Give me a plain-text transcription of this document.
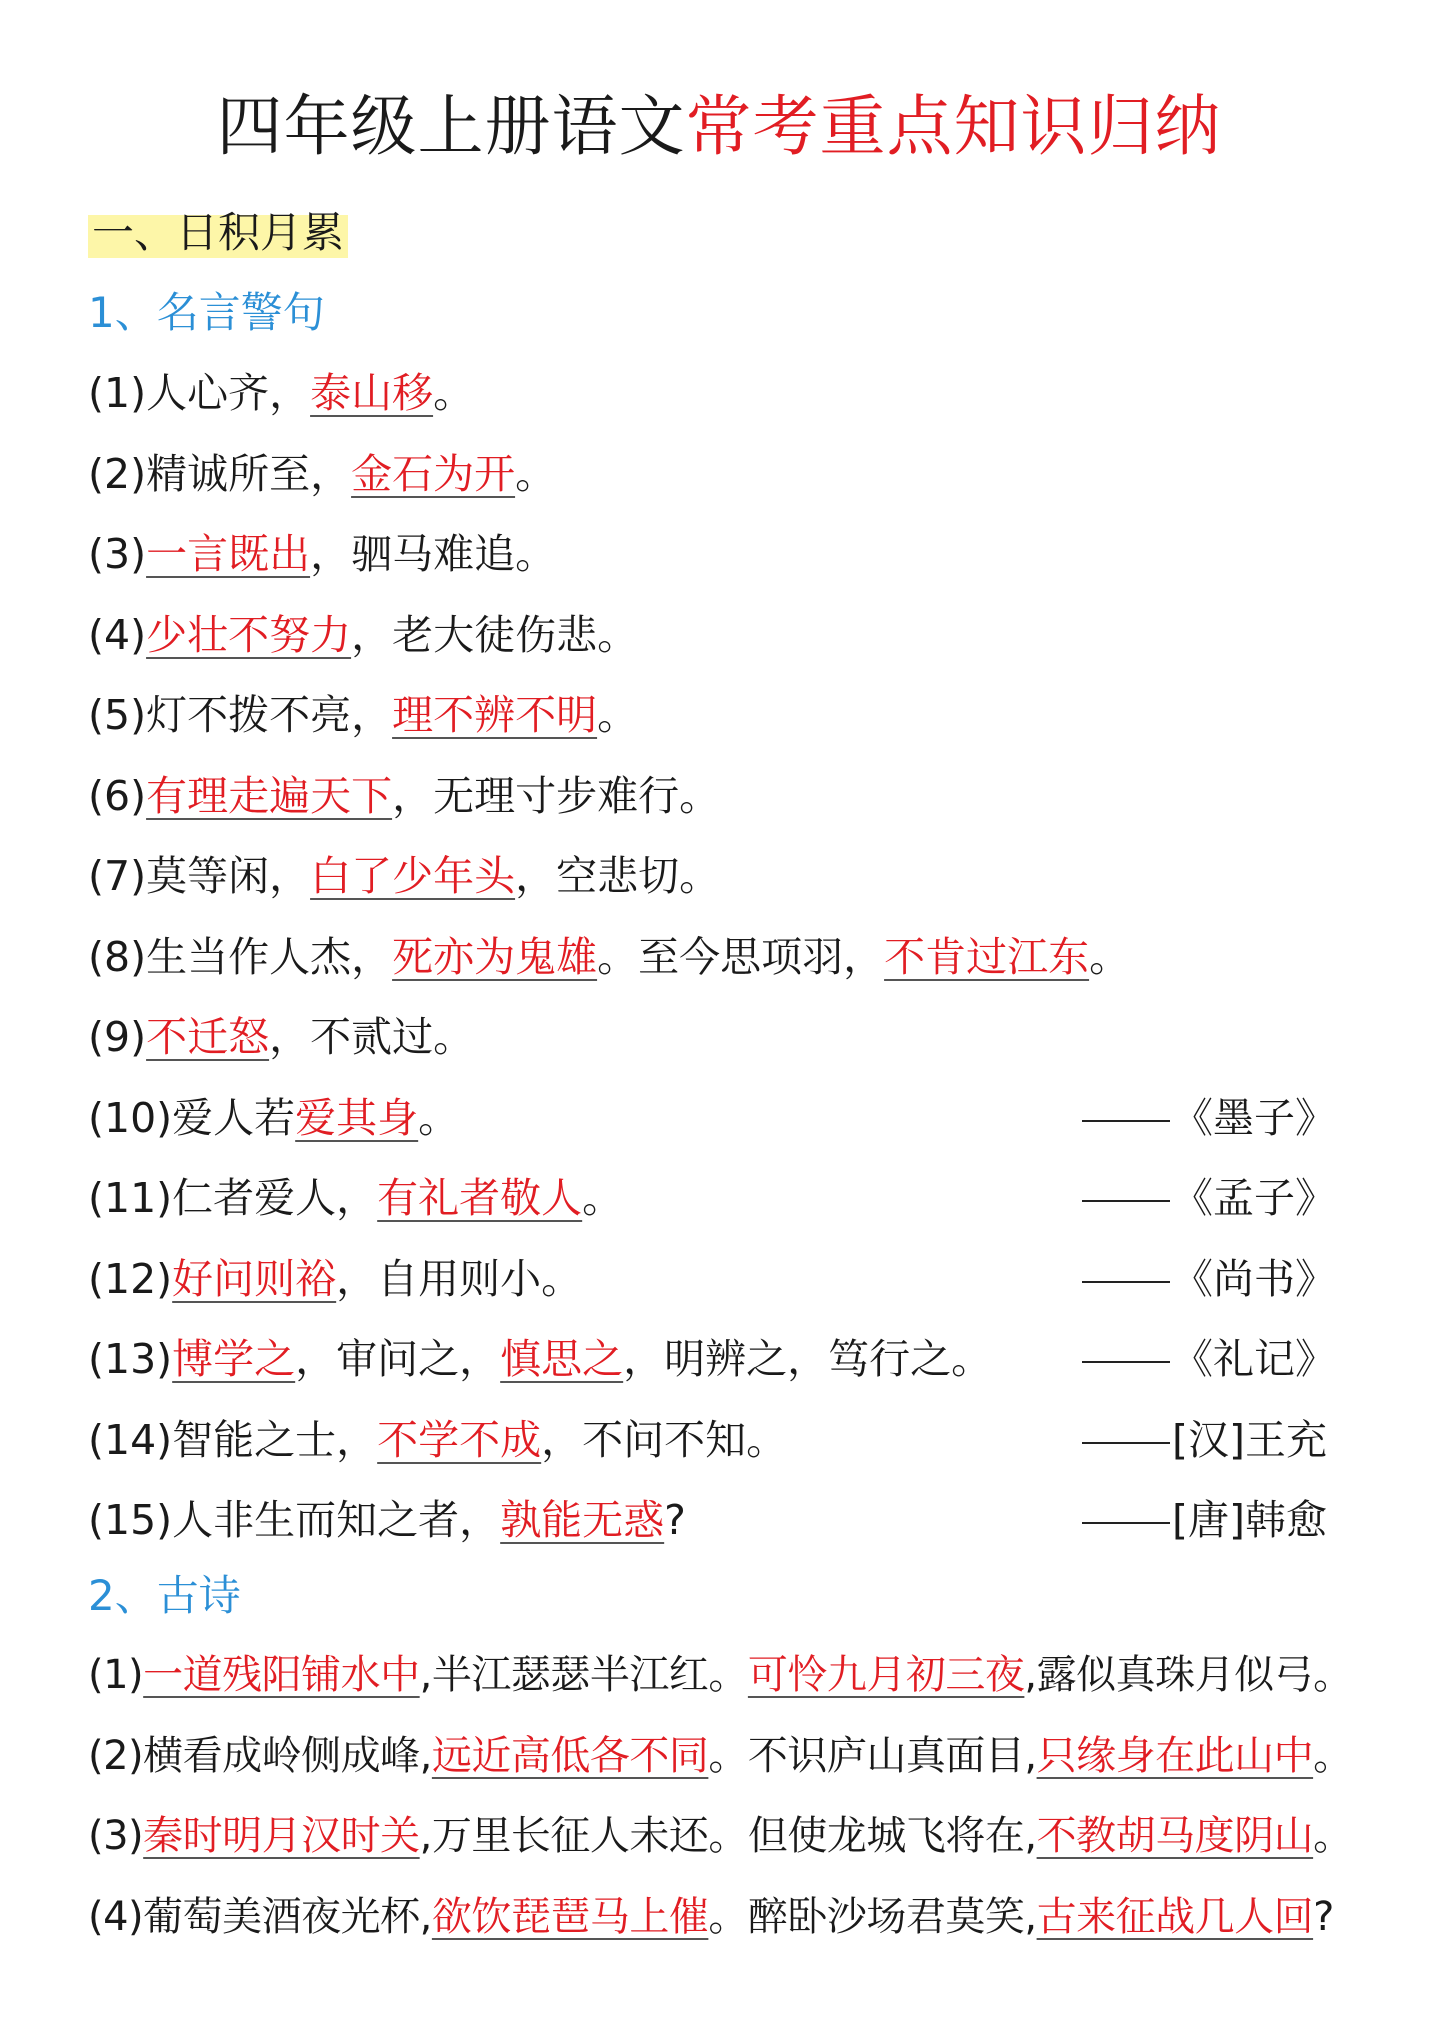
四年级上册语文常考重点知识归纳
一、日积月累
1、名言警句
(1)人心齐，泰山移。
(2)精诚所至，金石为开。
(3)一言既出，驷马难追。
(4)少壮不努力，老大徒伤悲。
(5)灯不拨不亮，理不辨不明。
(6)有理走遍天下，无理寸步难行。
(7)莫等闲，白了少年头，空悲切。
(8)生当作人杰，死亦为鬼雄。至今思项羽，不肯过江东。
(9)不迁怒，不贰过。
(10)爱人若爱其身。	《墨子》
(11)仁者爱人，有礼者敬人。	《孟子》
(12)好问则裕，自用则小。	《尚书》
(13)博学之，审问之，慎思之，明辨之，笃行之。	《礼记》
(14)智能之士，不学不成，不问不知。	[汉]王充
(15)人非生而知之者，孰能无惑?	[唐]韩愈
2、古诗
(1)一道残阳铺水中,半江瑟瑟半江红。可怜九月初三夜,露似真珠月似弓。
(2)横看成岭侧成峰,远近高低各不同。不识庐山真面目,只缘身在此山中。
(3)秦时明月汉时关,万里长征人未还。但使龙城飞将在,不教胡马度阴山。
(4)葡萄美酒夜光杯,欲饮琵琶马上催。醉卧沙场君莫笑,古来征战几人回?
